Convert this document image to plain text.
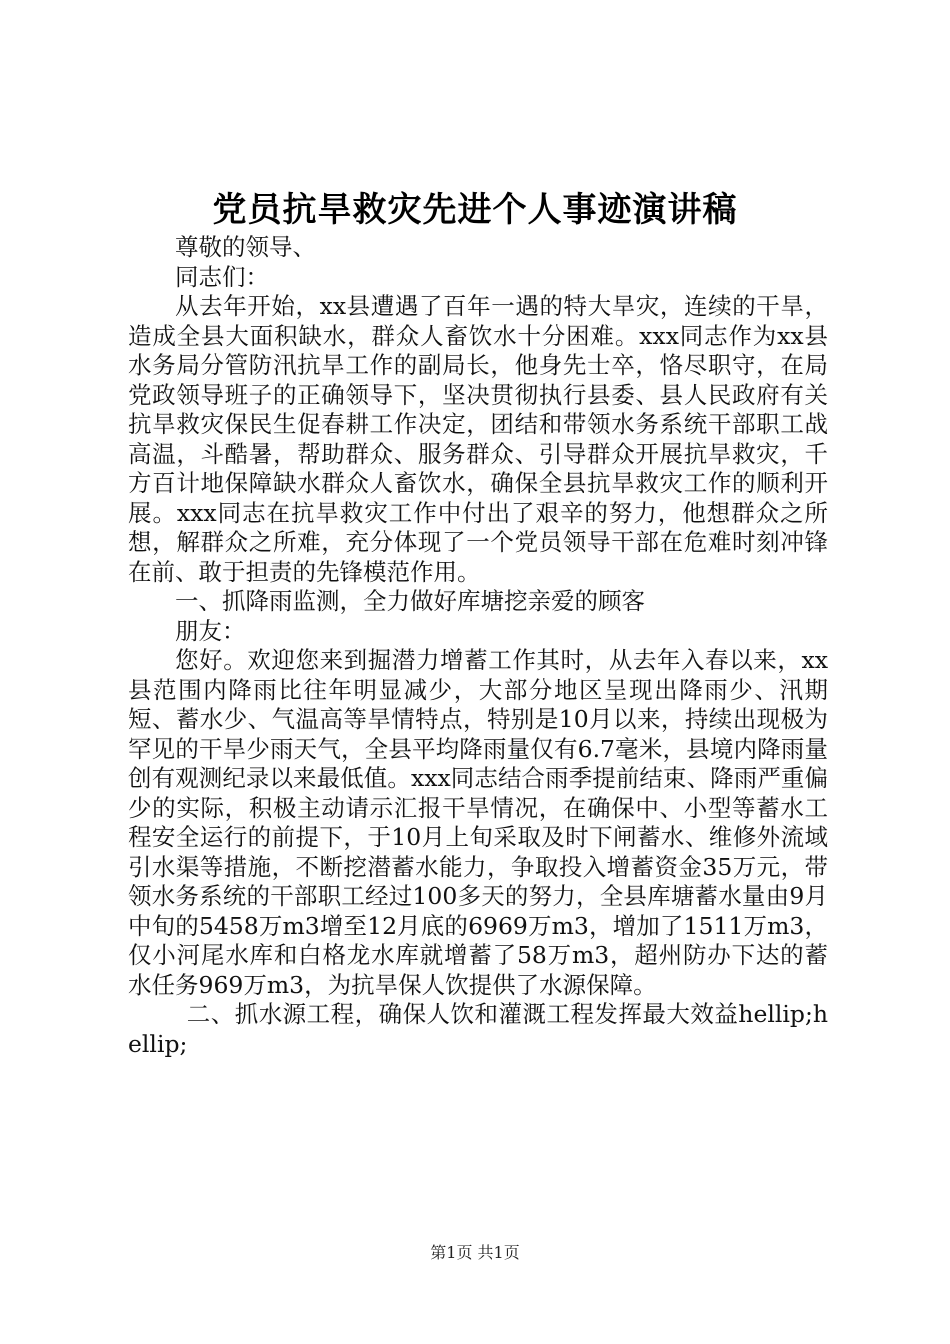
党员抗旱救灾先进个人事迹演讲稿

尊敬的领导、

同志们：

从去年开始，xx县遭遇了百年一遇的特大旱灾，连续的干旱，造成全县大面积缺水，群众人畜饮水十分困难。xxx同志作为xx县水务局分管防汛抗旱工作的副局长，他身先士卒，恪尽职守，在局党政领导班子的正确领导下，坚决贯彻执行县委、县人民政府有关抗旱救灾保民生促春耕工作决定，团结和带领水务系统干部职工战高温，斗酷暑，帮助群众、服务群众、引导群众开展抗旱救灾，千方百计地保障缺水群众人畜饮水，确保全县抗旱救灾工作的顺利开展。xxx同志在抗旱救灾工作中付出了艰辛的努力，他想群众之所想，解群众之所难，充分体现了一个党员领导干部在危难时刻冲锋在前、敢于担责的先锋模范作用。

一、抓降雨监测，全力做好库塘挖亲爱的顾客

朋友：

您好。欢迎您来到掘潜力增蓄工作其时，从去年入春以来，xx县范围内降雨比往年明显减少，大部分地区呈现出降雨少、汛期短、蓄水少、气温高等旱情特点，特别是10月以来，持续出现极为罕见的干旱少雨天气，全县平均降雨量仅有6.7毫米，县境内降雨量创有观测纪录以来最低值。xxx同志结合雨季提前结束、降雨严重偏少的实际，积极主动请示汇报干旱情况，在确保中、小型等蓄水工程安全运行的前提下，于10月上旬采取及时下闸蓄水、维修外流域引水渠等措施，不断挖潜蓄水能力，争取投入增蓄资金35万元，带领水务系统的干部职工经过100多天的努力，全县库塘蓄水量由9月中旬的5458万m3增至12月底的6969万m3，增加了1511万m3，仅小河尾水库和白格龙水库就增蓄了58万m3，超州防办下达的蓄水任务969万m3，为抗旱保人饮提供了水源保障。

二、抓水源工程，确保人饮和灌溉工程发挥最大效益hellip;hellip;

第1页 共1页
